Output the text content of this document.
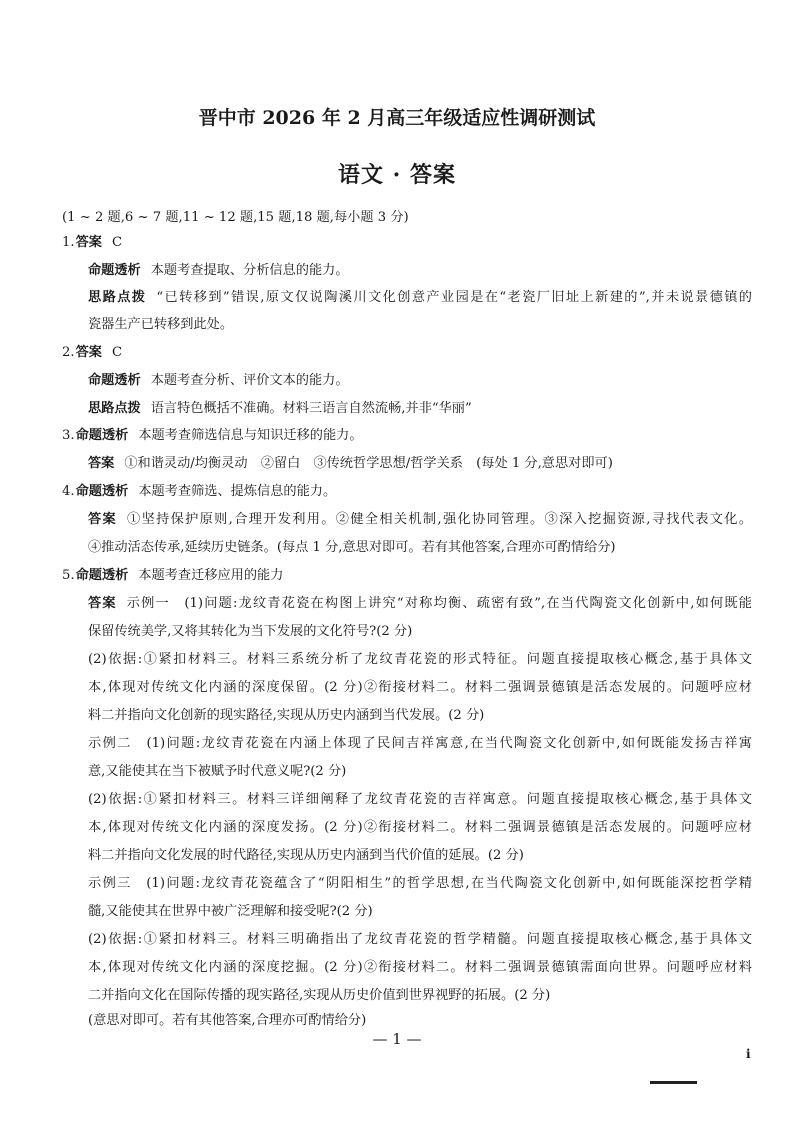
晋中市 2026 年 2 月高三年级适应性调研测试
语文 · 答案
(1 ~ 2 题,6 ~ 7 题,11 ~ 12 题,15 题,18 题,每小题 3 分)
1.答案 C
命题透析 本题考查提取、分析信息的能力。
思路点拨 “已转移到”错误,原文仅说陶溪川文化创意产业园是在“老瓷厂旧址上新建的”,并未说景德镇的
瓷器生产已转移到此处。
2.答案 C
命题透析 本题考查分析、评价文本的能力。
思路点拨 语言特色概括不准确。材料三语言自然流畅,并非“华丽”
3.命题透析 本题考查筛选信息与知识迁移的能力。
答案 ①和谐灵动/均衡灵动　②留白　③传统哲学思想/哲学关系　(每处 1 分,意思对即可)
4.命题透析 本题考查筛选、提炼信息的能力。
答案 ①坚持保护原则,合理开发利用。②健全相关机制,强化协同管理。③深入挖掘资源,寻找代表文化。
④推动活态传承,延续历史链条。(每点 1 分,意思对即可。若有其他答案,合理亦可酌情给分)
5.命题透析 本题考查迁移应用的能力
答案 示例一　(1)问题:龙纹青花瓷在构图上讲究“对称均衡、疏密有致”,在当代陶瓷文化创新中,如何既能
保留传统美学,又将其转化为当下发展的文化符号?(2 分)
(2)依据:①紧扣材料三。材料三系统分析了龙纹青花瓷的形式特征。问题直接提取核心概念,基于具体文
本,体现对传统文化内涵的深度保留。(2 分)②衔接材料二。材料二强调景德镇是活态发展的。问题呼应材
料二并指向文化创新的现实路径,实现从历史内涵到当代发展。(2 分)
示例二　(1)问题:龙纹青花瓷在内涵上体现了民间吉祥寓意,在当代陶瓷文化创新中,如何既能发扬吉祥寓
意,又能使其在当下被赋予时代意义呢?(2 分)
(2)依据:①紧扣材料三。材料三详细阐释了龙纹青花瓷的吉祥寓意。问题直接提取核心概念,基于具体文
本,体现对传统文化内涵的深度发扬。(2 分)②衔接材料二。材料二强调景德镇是活态发展的。问题呼应材
料二并指向文化发展的时代路径,实现从历史内涵到当代价值的延展。(2 分)
示例三　(1)问题:龙纹青花瓷蕴含了“阴阳相生”的哲学思想,在当代陶瓷文化创新中,如何既能深挖哲学精
髓,又能使其在世界中被广泛理解和接受呢?(2 分)
(2)依据:①紧扣材料三。材料三明确指出了龙纹青花瓷的哲学精髓。问题直接提取核心概念,基于具体文
本,体现对传统文化内涵的深度挖掘。(2 分)②衔接材料二。材料二强调景德镇需面向世界。问题呼应材料
二并指向文化在国际传播的现实路径,实现从历史价值到世界视野的拓展。(2 分)
(意思对即可。若有其他答案,合理亦可酌情给分)
— 1 —
i
